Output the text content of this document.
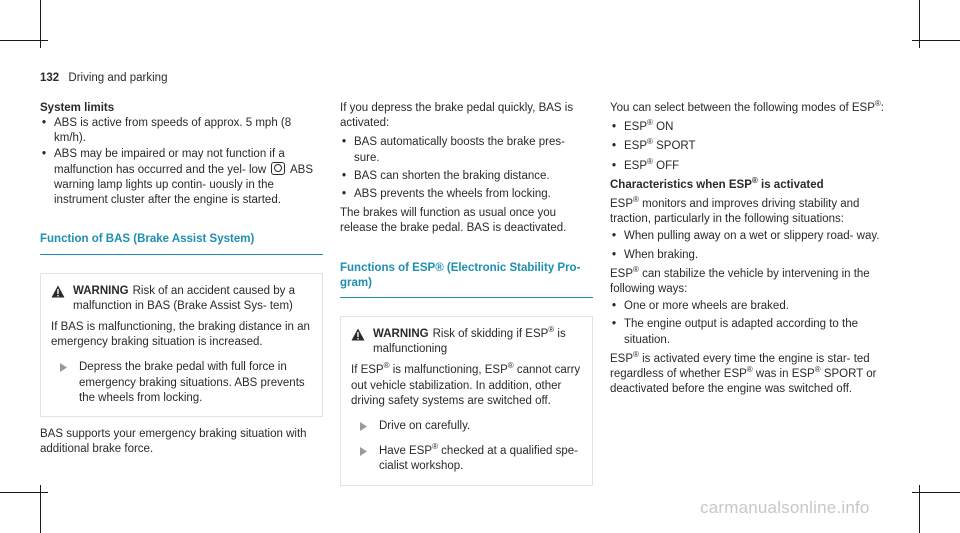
132 Driving and parking

System limits

• ABS is active from speeds of approx. 5 mph (8 km/h).
• ABS may be impaired or may not function if a malfunction has occurred and the yel- low ABS warning lamp lights up contin- uously in the instrument cluster after the engine is started.
Function of BAS (Brake Assist System)

WARNING Risk of an accident caused by a malfunction in BAS (Brake Assist Sys- tem)

If BAS is malfunctioning, the braking distance in an emergency braking situation is increased.

Depress the brake pedal with full force in emergency braking situations. ABS prevents the wheels from locking.

BAS supports your emergency braking situation with additional brake force.

If you depress the brake pedal quickly, BAS is activated:

• BAS automatically boosts the brake pres- sure.
• BAS can shorten the braking distance.
• ABS prevents the wheels from locking.

The brakes will function as usual once you release the brake pedal. BAS is deactivated.

Functions of ESP® (Electronic Stability Pro- gram)

WARNING Risk of skidding if ESP® is malfunctioning

If ESP® is malfunctioning, ESP® cannot carry out vehicle stabilization. In addition, other driving safety systems are switched off.

Drive on carefully.
Have ESP® checked at a qualified spe- cialist workshop.

You can select between the following modes of ESP®:

• ESP® ON
• ESP® SPORT
• ESP® OFF

Characteristics when ESP® is activated

ESP® monitors and improves driving stability and traction, particularly in the following situations:

• When pulling away on a wet or slippery road- way.
• When braking.

ESP® can stabilize the vehicle by intervening in the following ways:

• One or more wheels are braked.
• The engine output is adapted according to the situation.

ESP® is activated every time the engine is star- ted regardless of whether ESP® was in ESP® SPORT or deactivated before the engine was switched off.

carmanualsonline.info
